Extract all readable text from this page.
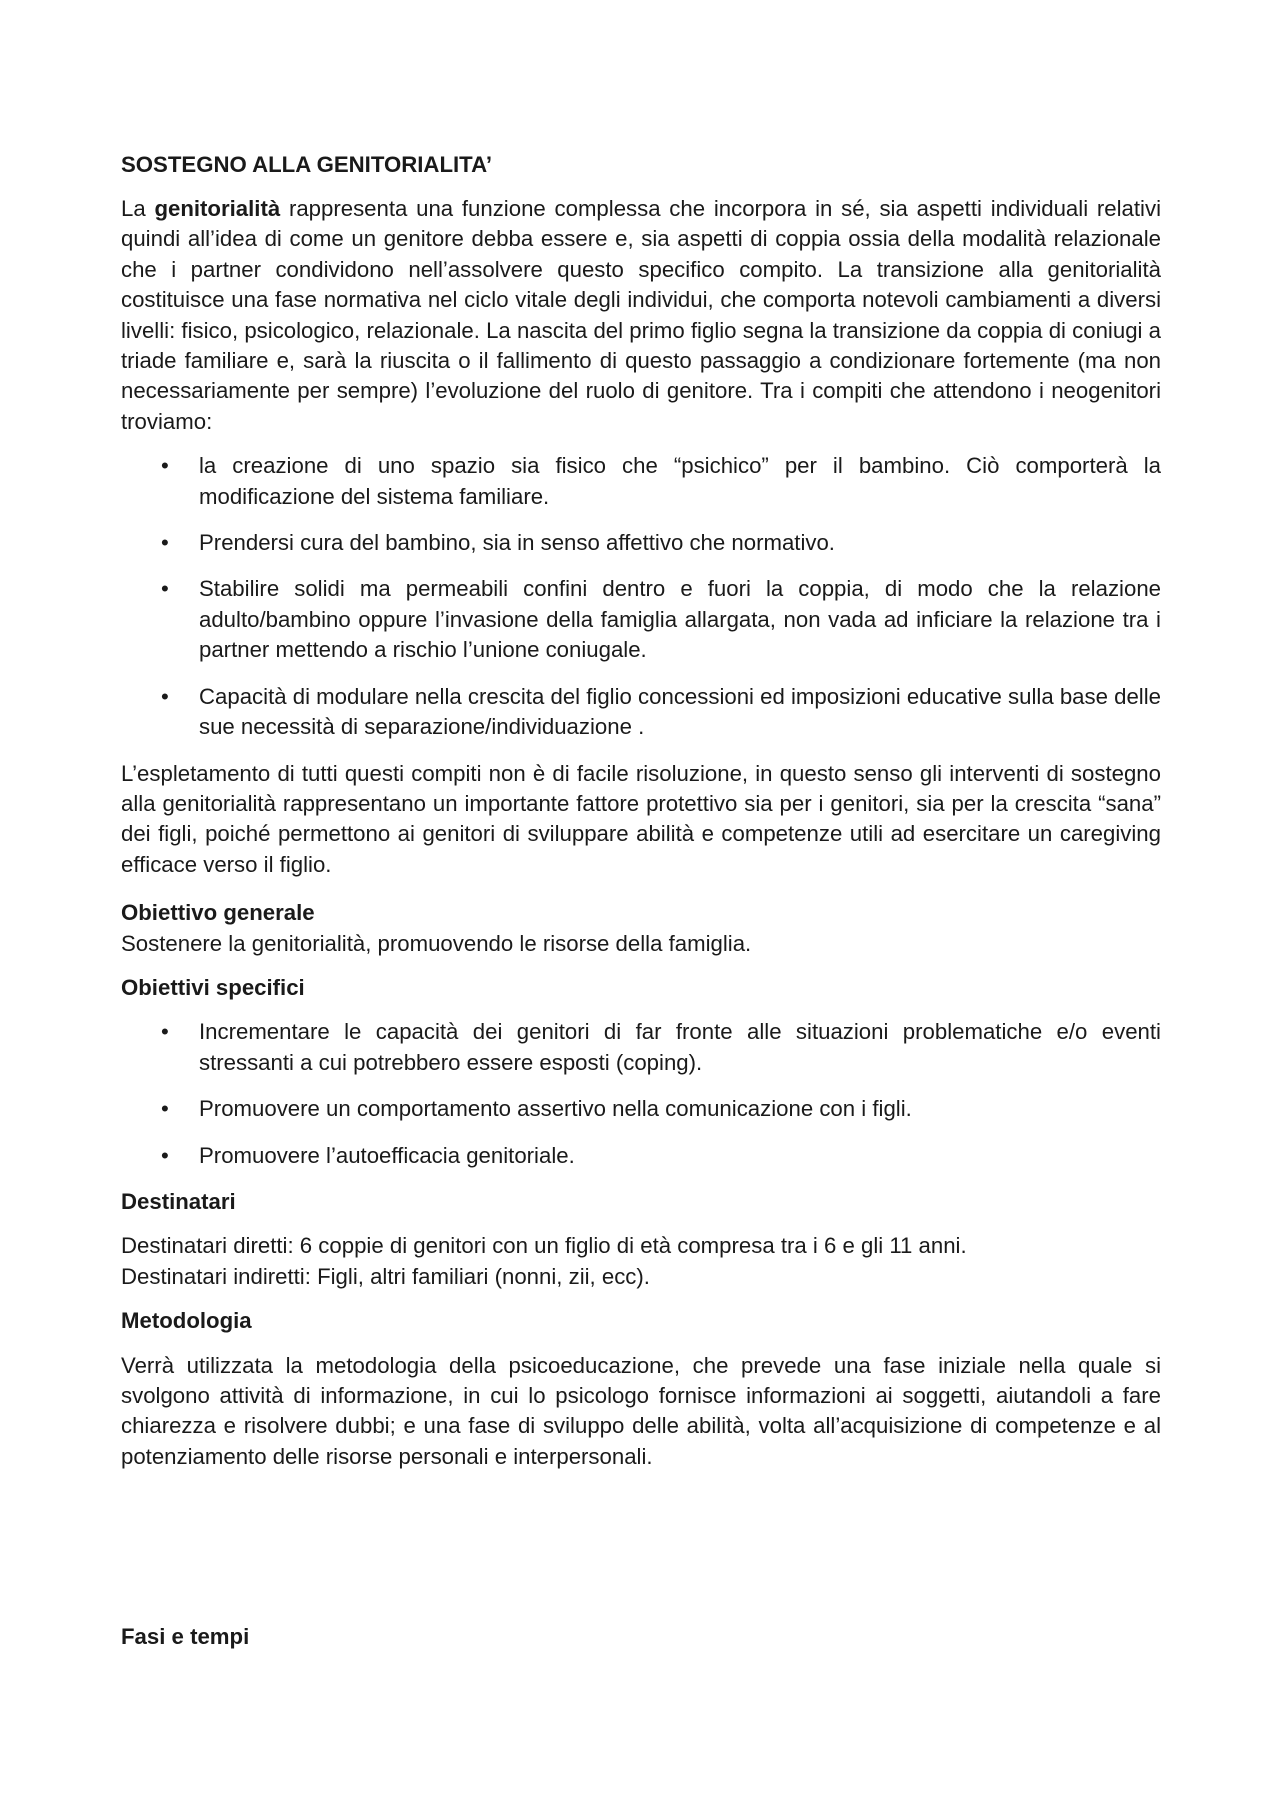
SOSTEGNO ALLA GENITORIALITA’

La genitorialità rappresenta una funzione complessa che incorpora in sé, sia aspetti individuali relativi quindi all’idea di come un genitore debba essere e, sia aspetti di coppia ossia della modalità relazionale che i partner condividono nell’assolvere questo specifico compito. La transizione alla genitorialità costituisce una fase normativa nel ciclo vitale degli individui, che comporta notevoli cambiamenti a diversi livelli: fisico, psicologico, relazionale. La nascita del primo figlio segna la transizione da coppia di coniugi a triade familiare e, sarà la riuscita o il fallimento di questo passaggio a condizionare fortemente (ma non necessariamente per sempre) l’evoluzione del ruolo di genitore. Tra i compiti che attendono i neogenitori troviamo:

• la creazione di uno spazio sia fisico che “psichico” per il bambino. Ciò comporterà la modificazione del sistema familiare.
• Prendersi cura del bambino, sia in senso affettivo che normativo.
• Stabilire solidi ma permeabili confini dentro e fuori la coppia, di modo che la relazione adulto/bambino oppure l’invasione della famiglia allargata, non vada ad inficiare la relazione tra i partner mettendo a rischio l’unione coniugale.
• Capacità di modulare nella crescita del figlio concessioni ed imposizioni educative sulla base delle sue necessità di separazione/individuazione .

L’espletamento di tutti questi compiti non è di facile risoluzione, in questo senso gli interventi di sostegno alla genitorialità rappresentano un importante fattore protettivo sia per i genitori, sia per la crescita “sana” dei figli, poiché permettono ai genitori di sviluppare abilità e competenze utili ad esercitare un caregiving efficace verso il figlio.

Obiettivo generale

Sostenere la genitorialità, promuovendo le risorse della famiglia.

Obiettivi specifici
• Incrementare le capacità dei genitori di far fronte alle situazioni problematiche e/o eventi stressanti a cui potrebbero essere esposti (coping).
• Promuovere un comportamento assertivo nella comunicazione con i figli.
• Promuovere l’autoefficacia genitoriale.
Destinatari

Destinatari diretti: 6 coppie di genitori con un figlio di età compresa tra i 6 e gli 11 anni.

Destinatari indiretti: Figli, altri familiari (nonni, zii, ecc).

Metodologia

Verrà utilizzata la metodologia della psicoeducazione, che prevede una fase iniziale nella quale si svolgono attività di informazione, in cui lo psicologo fornisce informazioni ai soggetti, aiutandoli a fare chiarezza e risolvere dubbi; e una fase di sviluppo delle abilità, volta all’acquisizione di competenze e al potenziamento delle risorse personali e interpersonali.

Fasi e tempi
